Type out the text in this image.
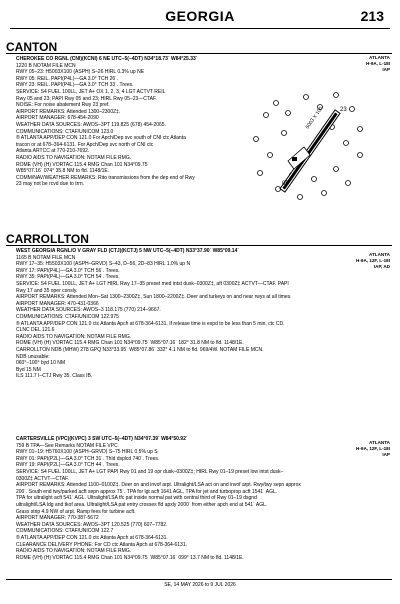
GEORGIA	213
CANTON
ATLANTA
H-9A, L-18I
IAP
CHEROKEE CO RGNL (CNI)(KCNI) 6 NE UTC–5(–4DT) N34°18.73´ W84°25.33´
1220 B NOTAM FILE MCN
RWY 05–23: H5003X100 (ASPH) S–26 HIRL 0.3% up NE
RWY 05: REIL. PAPI(P4L)—GA 3.0° TCH 26´.
RWY 23: REIL. PAPI(P4L)—GA 3.0° TCH 33´. Trees.
SERVICE: S4 FUEL 100LL, JET A+ OX 1, 2, 3, 4 LGT ACTVT REIL
Rwy 05 and 23; PAPI Rwy 05 and 23; HIRL Rwy 05–23—CTAF.
NOISE: For noise abatement Rwy 23 pref.
AIRPORT REMARKS: Attended 1300–2300Z‡.
AIRPORT MANAGER: 678-454-2090
WEATHER DATA SOURCES: AWOS–3PT 119.825 (678) 454-2065.
COMMUNICATIONS: CTAF/UNICOM 123.0
® ATLANTA APP/DEP CON 121.0 For Apch/Dep svc south of CNI ctc Atlanta
tracon or at 678–364-6131. For Apch/Dep svc north of CNI ctc
Atlanta ARTCC at 770-210-7692.
RADIO AIDS TO NAVIGATION: NOTAM FILE RMG.
ROME (VH) (H) VORTAC 115.4 RMG Chan 101 N34°09.75´
W85°07.16´ 074° 35.8 NM to fld. 1148/1E.
COMM/NAV/WEATHER REMARKS: Rito transmissions from the dep end of Rwy
23 may not be rcvd due to trrn.	05
23
5003 X 100
CARROLLTON
ATLANTA
H-9A, 12F, L-18I
IAP, AD
WEST GEORGIA RGNL/O V GRAY FLD (CTJ)(KCTJ) 5 NW UTC–5(–4DT) N33°37.90´ W85°09.14´
1165 B NOTAM FILE MCN
RWY 17–35: H5503X100 (ASPH–GRVD) S–43, D–56, 2D–83 HIRL 1.0% up N
RWY 17: PAPI(P4L)—GA 3.0° TCH 56´. Trees.
RWY 35: PAPI(P4L)—GA 3.0° TCH 54´. Trees.
SERVICE: S4 FUEL 100LL, JET A+ LGT HIRL Rwy 17–35 preset med intst dusk–0300Z‡, aft 0300Z‡ ACTVT—CTAF. PAPI
Rwy 17 and 35 oper consly.
AIRPORT REMARKS: Attended Mon–Sat 1300–2300Z‡, Sun 1800–2200Z‡. Deer and turkeys on and near rwys at all times.
AIRPORT MANAGER: 470-431-0366
WEATHER DATA SOURCES: AWOS–3 118.175 (770) 214–9667.
COMMUNICATIONS: CTAF/UNICOM 122.975
® ATLANTA APP/DEP CON 121.0 ctc Atlanta Apch at 678-364-6131. If release time is expd to be less than 5 min, ctc CD.
CLNC DEL 121.6
RADIO AIDS TO NAVIGATION: NOTAM FILE RMG.
ROME (VH) (H) VORTAC 115.4 RMG Chan 101 N34°09.75´ W85°07.16´ 182° 31.8 NM to fld. 1148/1E.
CARROLLTON NDB (MHW) 278 GPQ N33°33.95´ W85°07.86´ 332° 4.1 NM to fld. 969/4W. NOTAM FILE MCN.
NDB unusable:
060°–100° byd 10 NM
Byd 15 NM
ILS 111.7 I–CTJ Rwy 35. Class IB.
ATLANTA
H-9A, 12F, L-18I
IAP
CARTERSVILLE (VPC)(KVPC) 3 SW UTC–5(–4DT) N34°07.39´ W84°50.92´
759 B TPA—See Remarks NOTAM FILE VPC
RWY 01–19: H5760X100 (ASPH–GRVD) S–75 HIRL 0.5% up S
RWY 01: PAPI(P2L)—GA 3.0° TCH 31´. Thld dsplcd 740´. Trees.
RWY 19: PAPI(P2L)—GA 3.0° TCH 44´. Trees.
SERVICE: S4 FUEL 100LL, JET A+ LGT PAPI Rwy 01 and 19 opr dusk–0300Z‡; HIRL Rwy 01–19 preset low intst dusk–
0300Z‡ ACTVT—CTAF.
AIRPORT REMARKS: Attended 1100–0100Z‡. Deer on and invof arpt. Ultralight/LSA act on and invof arpt. Rwy/twy sepn approx
200´. South end twy/parked acft sepn approx 75´. TPA for lgt acft 1641 AGL, TPA for jet and turboprop acft 1541´ AGL.
TPA for ultralight acft 541´ AGL. Ultralight/LSA tfc pat inside normal pat with central third of Rwy 01–19 dsgnd
ultralight/LSA ldg and tkof area. Ultralight/LSA pat entry crosses fld apxly 2000´ from either apch end at 541´ AGL.
Grass strip 4.9 NW of arpt. Ramp fees for turbine acft.
AIRPORT MANAGER: 770-387-5672
WEATHER DATA SOURCES: AWOS–3PT 120.525 (770) 607–7782.
COMMUNICATIONS: CTAF/UNICOM 122.7
® ATLANTA APP/DEP CON 121.0 ctc Atlanta Apch at 678-364-6131.
CLEARANCE DELIVERY PHONE: For CD ctc Atlanta Apch at 678-364-6131.
RADIO AIDS TO NAVIGATION: NOTAM FILE RMG.
ROME (VH) (H) VORTAC 115.4 RMG Chan 101 N34°09.75´ W85°07.16´ 099° 13.7 NM to fld. 1148/1E.
SE, 14 MAY 2026 to 9 JUL 2026
